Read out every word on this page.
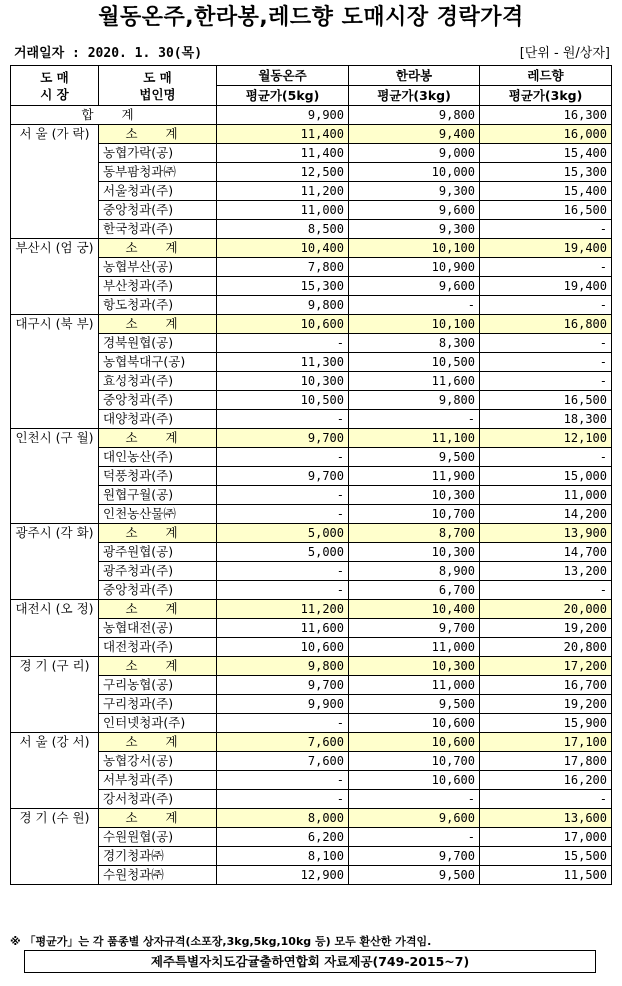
월동온주,한라봉,레드향 도매시장 경락가격
거래일자 : 2020. 1. 30(목)	[단위 - 원/상자]
도 매
시 장	도 매
법인명	월동온주	한라봉	레드향
		평균가(5kg)	평균가(3kg)	평균가(3kg)
합 계		9,900	9,800	16,300
서 울 (가 락)	소 계	11,400	9,400	16,000
	농협가락(공)	11,400	9,000	15,400
	동부팜청과㈜	12,500	10,000	15,300
	서울청과(주)	11,200	9,300	15,400
	중앙청과(주)	11,000	9,600	16,500
	한국청과(주)	8,500	9,300	-
부산시 (엄 궁)	소 계	10,400	10,100	19,400
	농협부산(공)	7,800	10,900	-
	부산청과(주)	15,300	9,600	19,400
	항도청과(주)	9,800	-	-
대구시 (북 부)	소 계	10,600	10,100	16,800
	경북원협(공)	-	8,300	-
	농협북대구(공)	11,300	10,500	-
	효성청과(주)	10,300	11,600	-
	중앙청과(주)	10,500	9,800	16,500
	대양청과(주)	-	-	18,300
인천시 (구 월)	소 계	9,700	11,100	12,100
	대인농산(주)	-	9,500	-
	덕풍청과(주)	9,700	11,900	15,000
	원협구월(공)	-	10,300	11,000
	인천농산물㈜	-	10,700	14,200
광주시 (각 화)	소 계	5,000	8,700	13,900
	광주원협(공)	5,000	10,300	14,700
	광주청과(주)	-	8,900	13,200
	중앙청과(주)	-	6,700	-
대전시 (오 정)	소 계	11,200	10,400	20,000
	농협대전(공)	11,600	9,700	19,200
	대전청과(주)	10,600	11,000	20,800
경 기 (구 리)	소 계	9,800	10,300	17,200
	구리농협(공)	9,700	11,000	16,700
	구리청과(주)	9,900	9,500	19,200
	인터넷청과(주)	-	10,600	15,900
서 울 (강 서)	소 계	7,600	10,600	17,100
	농협강서(공)	7,600	10,700	17,800
	서부청과(주)	-	10,600	16,200
	강서청과(주)	-	-	-
경 기 (수 원)	소 계	8,000	9,600	13,600
	수원원협(공)	6,200	-	17,000
	경기청과㈜	8,100	9,700	15,500
	수원청과㈜	12,900	9,500	11,500
※ 「평균가」는 각 품종별 상자규격(소포장,3kg,5kg,10kg 등) 모두 환산한 가격임.
제주특별자치도감귤출하연합회 자료제공(749-2015~7)
